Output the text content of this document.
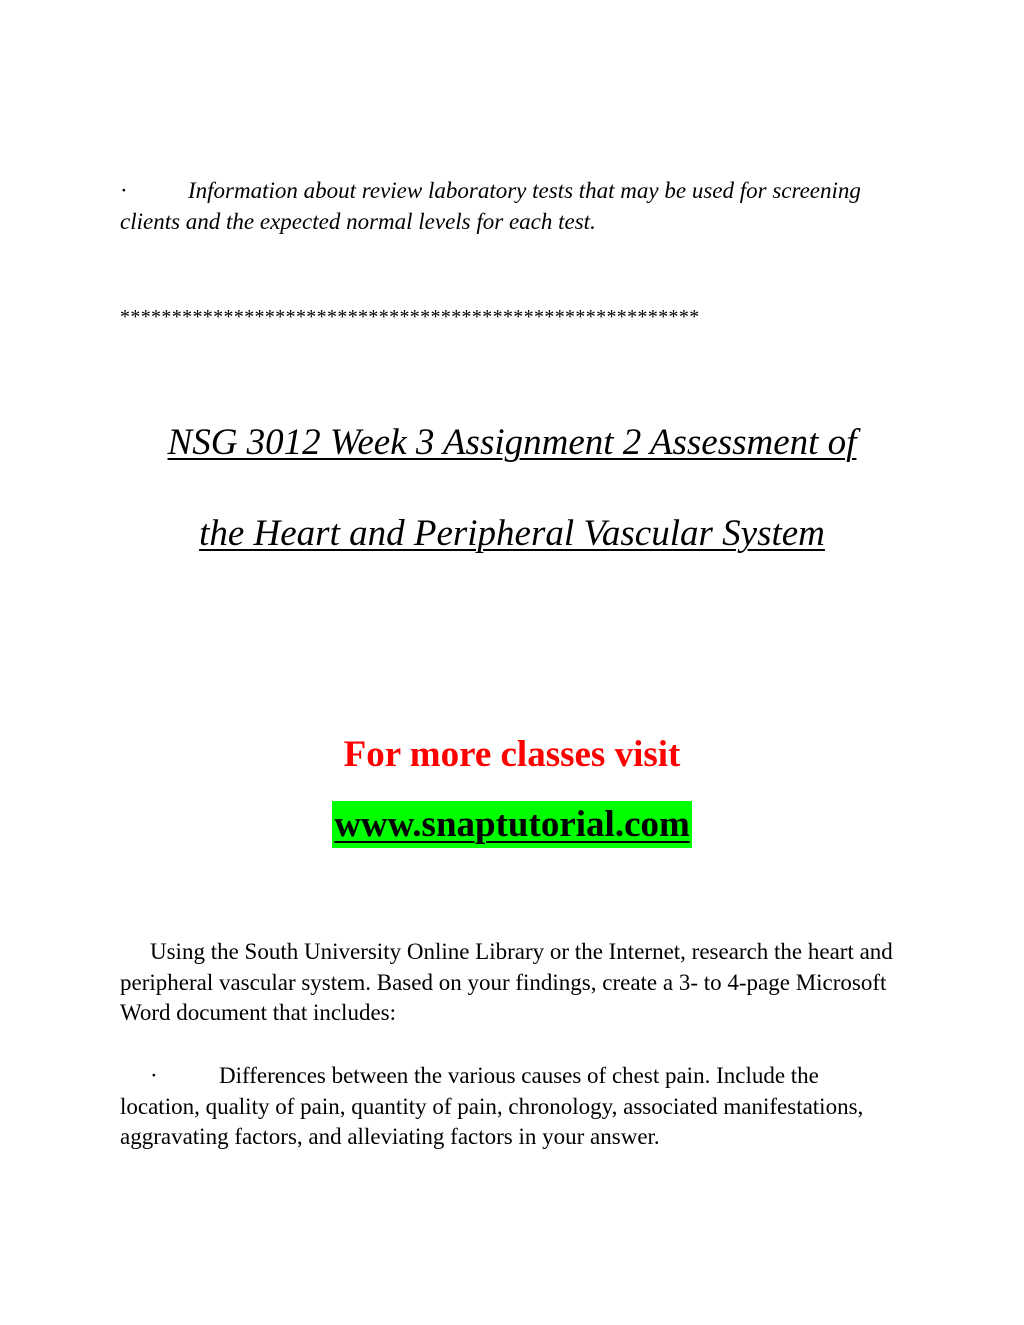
·	Information about review laboratory tests that may be used for screening clients and the expected normal levels for each test.

********************************************************

NSG 3012 Week 3 Assignment 2 Assessment of
the Heart and Peripheral Vascular System

For more classes visit

www.snaptutorial.com

Using the South University Online Library or the Internet, research the heart and peripheral vascular system. Based on your findings, create a 3- to 4-page Microsoft Word document that includes:

·	Differences between the various causes of chest pain. Include the location, quality of pain, quantity of pain, chronology, associated manifestations, aggravating factors, and alleviating factors in your answer.
